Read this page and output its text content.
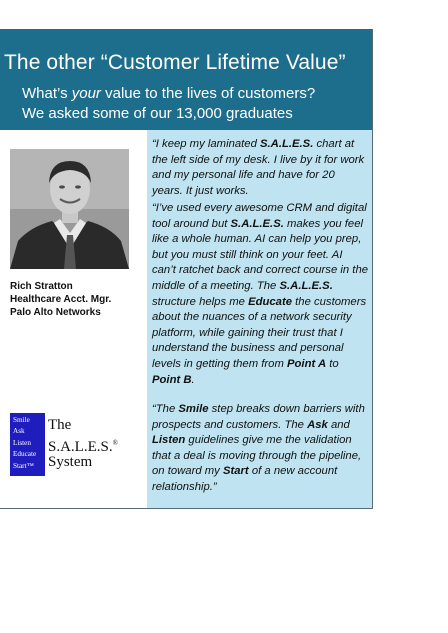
The other “Customer Lifetime Value”
What’s your value to the lives of customers?
We asked some of our 13,000 graduates
Rich Stratton
Healthcare Acct. Mgr.
Palo Alto Networks
Smile
Ask
Listen
Educate
Start™
The
S.A.L.E.S.®
System

“I keep my laminated S.A.L.E.S. chart at the left side of my desk. I live by it for work and my personal life and have for 20 years. It just works.

“I’ve used every awesome CRM and digital tool around but S.A.L.E.S. makes you feel like a whole human. AI can help you prep, but you must still think on your feet. AI can’t ratchet back and correct course in the middle of a meeting. The S.A.L.E.S. structure helps me Educate the customers about the nuances of a network security platform, while gaining their trust that I understand the business and personal levels in getting them from Point A to Point B.

“The Smile step breaks down barriers with prospects and customers. The Ask and Listen guidelines give me the validation that a deal is moving through the pipeline, on toward my Start of a new account relationship.”
